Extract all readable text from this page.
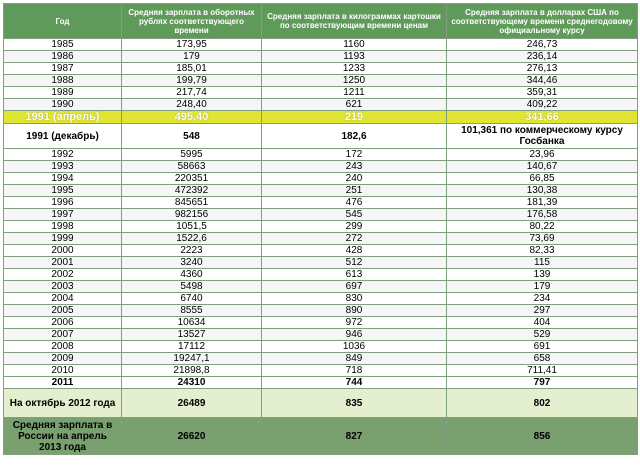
Год	Средняя зарплата в оборотных рублях соответствующего времени	Средняя зарплата в килограммах картошки по соответствующим времени ценам	Средняя зарплата в долларах США по соответствующему времени среднегодовому официальному курсу
1985	173,95	1160	246,73
1986	179	1193	236,14
1987	185,01	1233	276,13
1988	199,79	1250	344,46
1989	217,74	1211	359,31
1990	248,40	621	409,22
1991 (апрель)	495,40	219	341,66
1991 (декабрь)	548	182,6	101,361 по коммерческому курсу Госбанка
1992	5995	172	23,96
1993	58663	243	140,67
1994	220351	240	66,85
1995	472392	251	130,38
1996	845651	476	181,39
1997	982156	545	176,58
1998	1051,5	299	80,22
1999	1522,6	272	73,69
2000	2223	428	82,33
2001	3240	512	115
2002	4360	613	139
2003	5498	697	179
2004	6740	830	234
2005	8555	890	297
2006	10634	972	404
2007	13527	946	529
2008	17112	1036	691
2009	19247,1	849	658
2010	21898,8	718	711,41
2011	24310	744	797
На октябрь 2012 года	26489	835	802
Средняя зарплата в России на апрель 2013 года	26620	827	856
